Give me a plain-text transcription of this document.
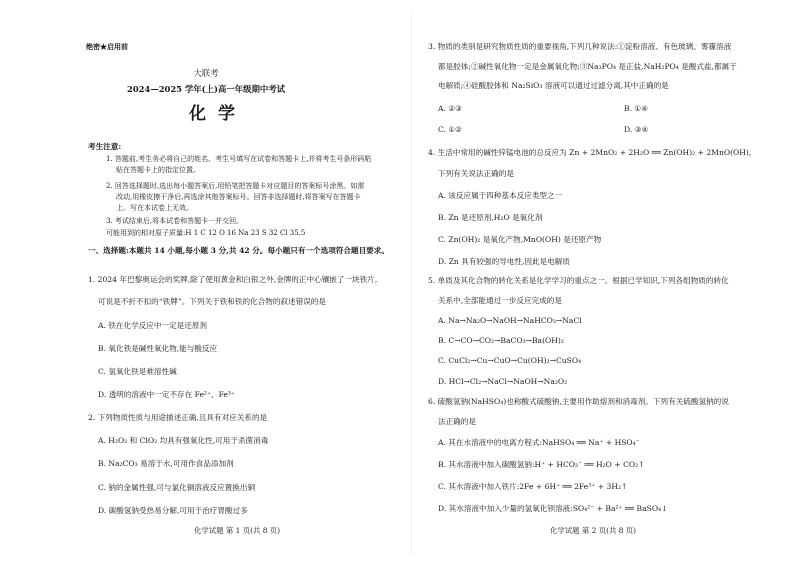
绝密★启用前
大联考
2024—2025 学年(上)高一年级期中考试
化学
考生注意:
1. 答题前,考生务必将自己的姓名、考生号填写在试卷和答题卡上,并将考生号条形码粘
贴在答题卡上的指定位置。
2. 回答选择题时,选出每小题答案后,用铅笔把答题卡对应题目的答案标号涂黑。如需
改动,用橡皮擦干净后,再选涂其他答案标号。回答非选择题时,将答案写在答题卡
上。写在本试卷上无效。
3. 考试结束后,将本试卷和答题卡一并交回。
可能用到的相对原子质量:H 1 C 12 O 16 Na 23 S 32 Cl 35.5
一、选择题:本题共 14 小题,每小题 3 分,共 42 分。每小题只有一个选项符合题目要求。
1. 2024 年巴黎奥运会的奖牌,除了使用黄金和白银之外,金牌的正中心镶嵌了一块铁片,
可说是不折不扣的“铁牌”。下列关于铁和铁的化合物的叙述错误的是
A. 铁在化学反应中一定是还原剂
B. 氧化铁是碱性氧化物,能与酸反应
C. 氢氧化铁是难溶性碱
D. 透明的溶液中一定不存在 Fe²⁺、Fe³⁺
2. 下列物质性质与用途描述正确,且具有对应关系的是
A. H₂O₂ 和 ClO₂ 均具有强氧化性,可用于杀菌消毒
B. Na₂CO₃ 易溶于水,可用作食品添加剂
C. 钠的金属性强,可与氯化铜溶液反应置换出铜
D. 碳酸氢钠受热易分解,可用于治疗胃酸过多
化学试题 第 1 页(共 8 页)
3. 物质的类别是研究物质性质的重要视角,下列几种说法:①淀粉溶液、有色玻璃、雾霾溶液
都是胶体;②碱性氧化物一定是金属氧化物;③Na₃PO₄ 是正盐,NaH₂PO₄ 是酸式盐,都属于
电解质;④硅酸胶体和 Na₂SiO₃ 溶液可以通过过滤分离,其中正确的是
A. ②③	B. ①④
C. ①②	D. ③④
4. 生活中常用的碱性锌锰电池的总反应为 Zn + 2MnO₂ + 2H₂O ══ Zn(OH)₂ + 2MnO(OH),
下列有关说法正确的是
A. 该反应属于四种基本反应类型之一
B. Zn 是还原剂,H₂O 是氧化剂
C. Zn(OH)₂ 是氧化产物,MnO(OH) 是还原产物
D. Zn 具有较强的导电性,因此是电解质
5. 单质及其化合物的转化关系是化学学习的重点之一。根据已学知识,下列各组物质的转化
关系中,全部能通过一步反应完成的是
A. Na→Na₂O→NaOH→NaHCO₃→NaCl
B. C→CO→CO₂→BaCO₃→Ba(OH)₂
C. CuCl₂→Cu→CuO→Cu(OH)₂→CuSO₄
D. HCl→Cl₂→NaCl→NaOH→Na₂O₂
6. 硫酸氢钠(NaHSO₄)也称酸式硫酸钠,主要用作助熔剂和消毒剂。下列有关硫酸氢钠的说
法正确的是
A. 其在水溶液中的电离方程式:NaHSO₄ ══ Na⁺ + HSO₄⁻
B. 其水溶液中加入碳酸氢钠:H⁺ + HCO₃⁻ ══ H₂O + CO₂↑
C. 其水溶液中加入铁片:2Fe + 6H⁺ ══ 2Fe³⁺ + 3H₂↑
D. 其水溶液中加入少量的氢氧化钡溶液:SO₄²⁻ + Ba²⁺ ══ BaSO₄↓
化学试题 第 2 页(共 8 页)
